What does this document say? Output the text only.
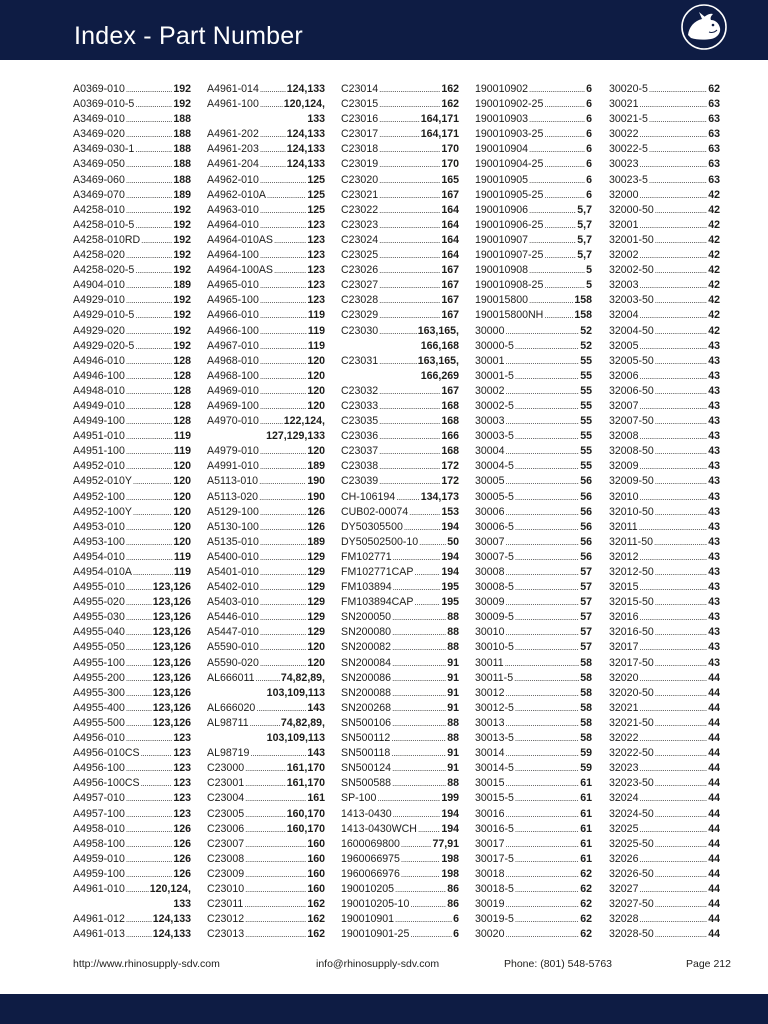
Index - Part Number
A0369-010 .....	192
A0369-010-5 .....	192
A3469-010 .....	188
A3469-020 .....	188
A3469-030-1 .....	188
A3469-050 .....	188
A3469-060 .....	188
A3469-070 .....	189
A4258-010 .....	192
A4258-010-5 .....	192
A4258-010RD .....	192
A4258-020 .....	192
A4258-020-5 .....	192
A4904-010 .....	189
A4929-010 .....	192
A4929-010-5 .....	192
A4929-020 .....	192
A4929-020-5 .....	192
A4946-010 .....	128
A4946-100 .....	128
A4948-010 .....	128
A4949-010 .....	128
A4949-100 .....	128
A4951-010 .....	119
A4951-100 .....	119
A4952-010 .....	120
A4952-010Y .....	120
A4952-100 .....	120
A4952-100Y .....	120
A4953-010 .....	120
A4953-100 .....	120
A4954-010 .....	119
A4954-010A .....	119
A4955-010 .....	123,126
A4955-020 .....	123,126
A4955-030 .....	123,126
A4955-040 .....	123,126
A4955-050 .....	123,126
A4955-100 .....	123,126
A4955-200 .....	123,126
A4955-300 .....	123,126
A4955-400 .....	123,126
A4955-500 .....	123,126
A4956-010 .....	123
A4956-010CS .....	123
A4956-100 .....	123
A4956-100CS .....	123
A4957-010 .....	123
A4957-100 .....	123
A4958-010 .....	126
A4958-100 .....	126
A4959-010 .....	126
A4959-100 .....	126
A4961-010 ..... 120,124,
133
A4961-012 .....	124,133
A4961-013 .....	124,133
A4961-014 .....	124,133
A4961-100 ..... 120,124,
133
A4961-202 .....	124,133
A4961-203 .....	124,133
A4961-204 .....	124,133
A4962-010 .....	125
A4962-010A .....	125
A4963-010 .....	125
A4964-010 .....	123
A4964-010AS .....	123
A4964-100 .....	123
A4964-100AS .....	123
A4965-010 .....	123
A4965-100 .....	123
A4966-010 .....	119
A4966-100 .....	119
A4967-010 .....	119
A4968-010 .....	120
A4968-100 .....	120
A4969-010 .....	120
A4969-100 .....	120
A4970-010 ..... 122,124,
127,129,133
A4979-010 .....	120
A4991-010 .....	189
A5113-010 .....	190
A5113-020 .....	190
A5129-100 .....	126
A5130-100 .....	126
A5135-010 .....	189
A5400-010 .....	129
A5401-010 .....	129
A5402-010 .....	129
A5403-010 .....	129
A5446-010 .....	129
A5447-010 .....	129
A5590-010 .....	120
A5590-020 .....	120
AL666011 ..... 74,82,89,
103,109,113
AL666020 .....	143
AL98711 .....	74,82,89,
103,109,113
AL98719 .....	143
C23000 .....	161,170
C23001 .....	161,170
C23004 .....	161
C23005 .....	160,170
C23006 .....	160,170
C23007 .....	160
C23008 .....	160
C23009 .....	160
C23010 .....	160
C23011 .....	162
C23012 .....	162
C23013 .....	162
C23014 .....	162
C23015 .....	162
C23016 .....	164,171
C23017 .....	164,171
C23018 .....	170
C23019 .....	170
C23020 .....	165
C23021 .....	167
C23022 .....	164
C23023 .....	164
C23024 .....	164
C23025 .....	164
C23026 .....	167
C23027 .....	167
C23028 .....	167
C23029 .....	167
C23030 .....	163,165,
166,168
C23031 .....	163,165,
166,269
C23032 .....	167
C23033 .....	168
C23035 .....	168
C23036 .....	166
C23037 .....	168
C23038 .....	172
C23039 .....	172
CH-106194 ..... 134,173
CUB02-00074 .....	153
DY50305500 .....	194
DY50502500-10 .....	50
FM102771 .....	194
FM102771CAP .....	194
FM103894 .....	195
FM103894CAP .....	195
SN200050 .....	88
SN200080 .....	88
SN200082 .....	88
SN200084 .....	91
SN200086 .....	91
SN200088 .....	91
SN200268 .....	91
SN500106 .....	88
SN500112 .....	88
SN500118 .....	91
SN500124 .....	91
SN500588 .....	88
SP-100 .....	199
1413-0430 .....	194
1413-0430WCH ..... 194
1600069800 .....	77,91
1960066975 .....	198
1960066976 .....	198
190010205 .....	86
190010205-10 .....	86
190010901 .....	6
190010901-25 .....	6
190010902 .....	6
190010902-25 .....	6
190010903 .....	6
190010903-25 .....	6
190010904 .....	6
190010904-25 .....	6
190010905 .....	6
190010905-25 .....	6
190010906 .....	5,7
190010906-25 .....	5,7
190010907 .....	5,7
190010907-25 .....	5,7
190010908 .....	5
190010908-25 .....	5
190015800 .....	158
190015800NH .....	158
30000 .....	52
30000-5 .....	52
30001 .....	55
30001-5 .....	55
30002 .....	55
30002-5 .....	55
30003 .....	55
30003-5 .....	55
30004 .....	55
30004-5 .....	55
30005 .....	56
30005-5 .....	56
30006 .....	56
30006-5 .....	56
30007 .....	56
30007-5 .....	56
30008 .....	57
30008-5 .....	57
30009 .....	57
30009-5 .....	57
30010 .....	57
30010-5 .....	57
30011 .....	58
30011-5 .....	58
30012 .....	58
30012-5 .....	58
30013 .....	58
30013-5 .....	58
30014 .....	59
30014-5 .....	59
30015 .....	61
30015-5 .....	61
30016 .....	61
30016-5 .....	61
30017 .....	61
30017-5 .....	61
30018 .....	62
30018-5 .....	62
30019 .....	62
30019-5 .....	62
30020 .....	62
30020-5 .....	62
30021 .....	63
30021-5 .....	63
30022 .....	63
30022-5 .....	63
30023 .....	63
30023-5 .....	63
32000 .....	42
32000-50 .....	42
32001 .....	42
32001-50 .....	42
32002 .....	42
32002-50 .....	42
32003 .....	42
32003-50 .....	42
32004 .....	42
32004-50 .....	42
32005 .....	43
32005-50 .....	43
32006 .....	43
32006-50 .....	43
32007 .....	43
32007-50 .....	43
32008 .....	43
32008-50 .....	43
32009 .....	43
32009-50 .....	43
32010 .....	43
32010-50 .....	43
32011 .....	43
32011-50 .....	43
32012 .....	43
32012-50 .....	43
32015 .....	43
32015-50 .....	43
32016 .....	43
32016-50 .....	43
32017 .....	43
32017-50 .....	43
32020 .....	44
32020-50 .....	44
32021 .....	44
32021-50 .....	44
32022 .....	44
32022-50 .....	44
32023 .....	44
32023-50 .....	44
32024 .....	44
32024-50 .....	44
32025 .....	44
32025-50 .....	44
32026 .....	44
32026-50 .....	44
32027 .....	44
32027-50 .....	44
32028 .....	44
32028-50 .....	44
http://www.rhinosupply-sdv.com	info@rhinosupply-sdv.com	Phone: (801) 548-5763	Page 212
